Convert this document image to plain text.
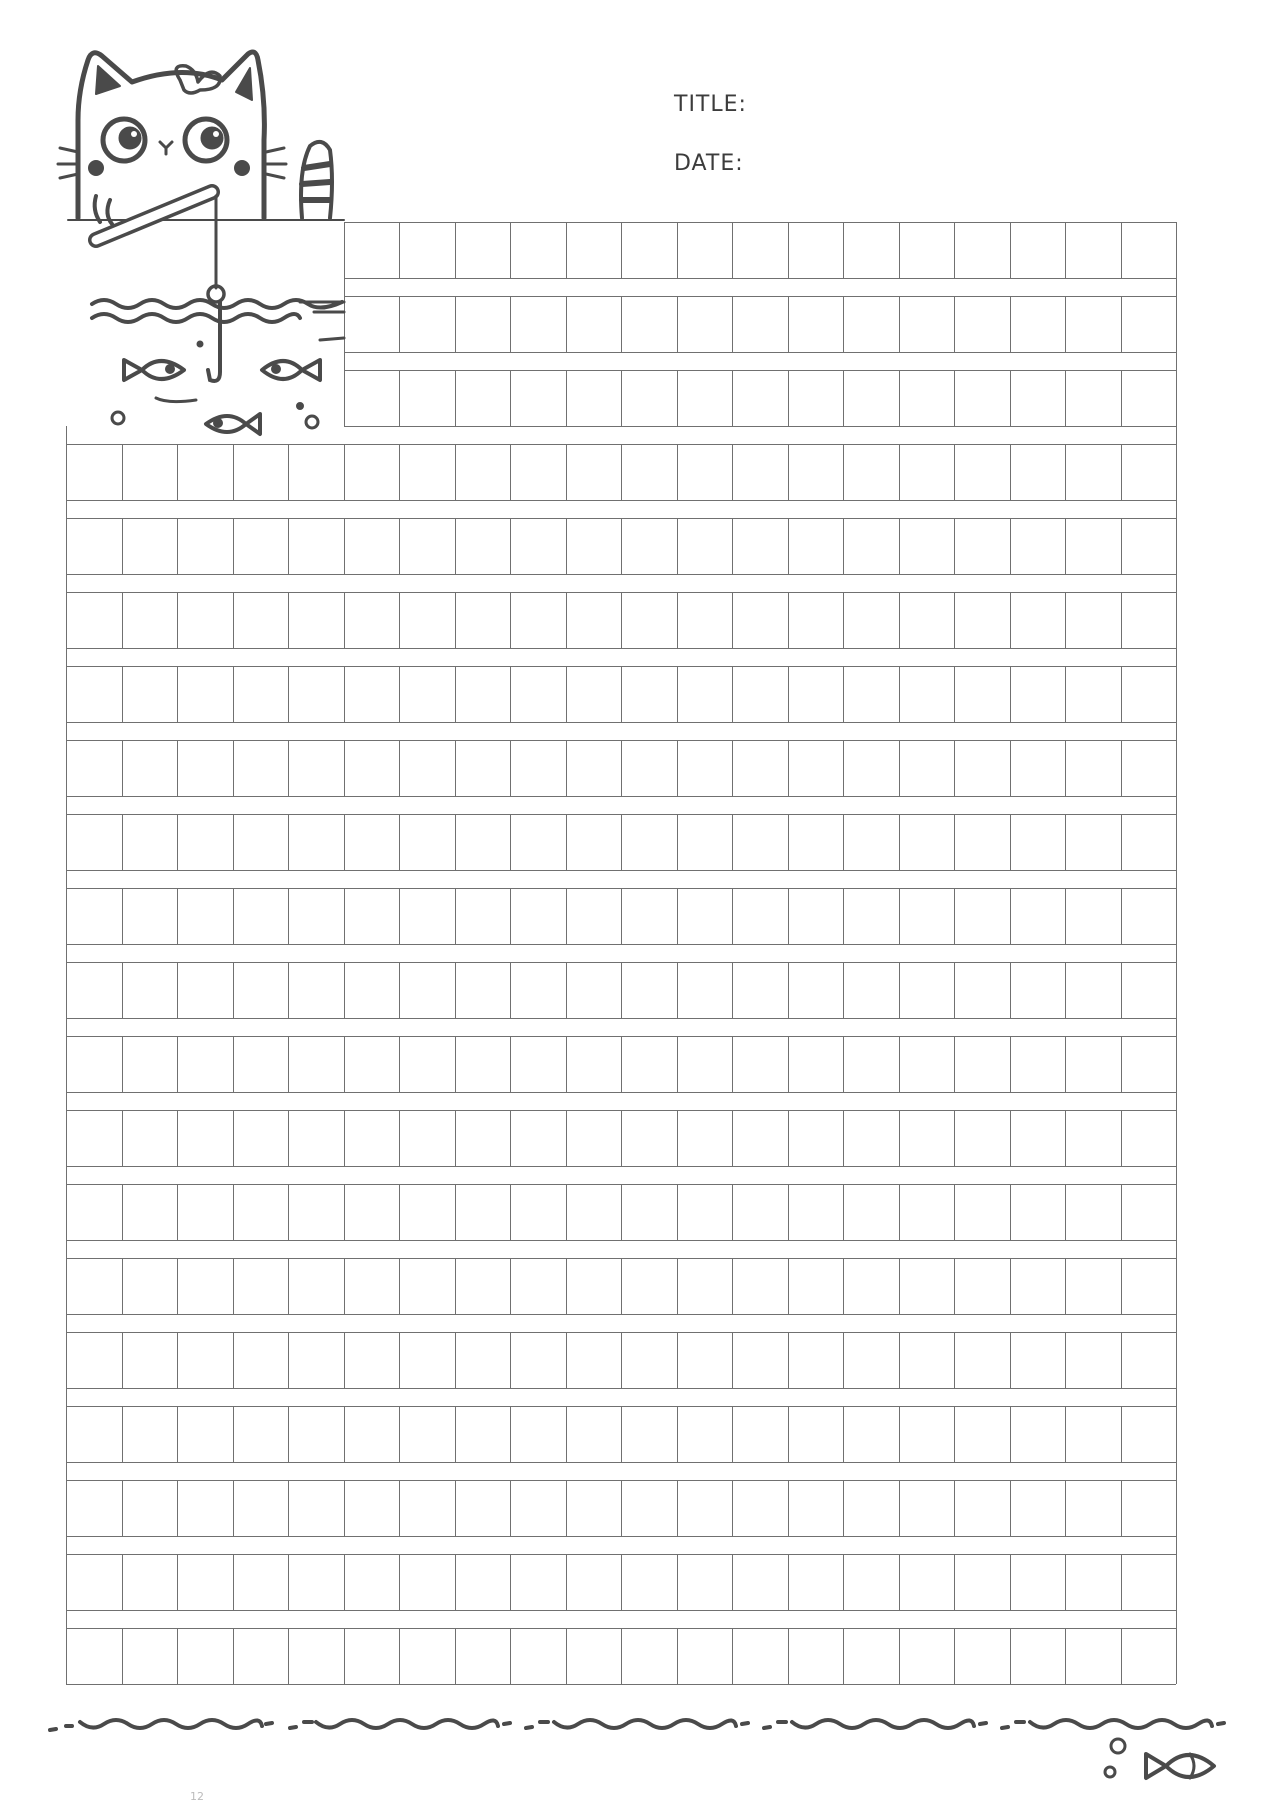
TITLE:
DATE:
12
